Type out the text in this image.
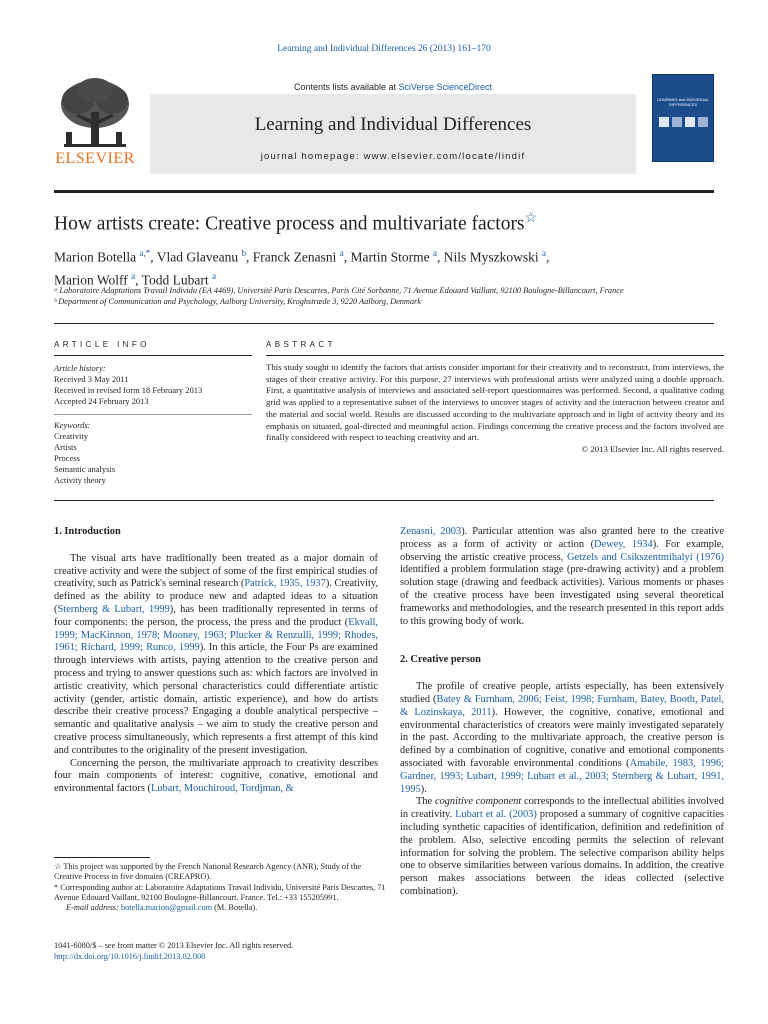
Learning and Individual Differences 26 (2013) 161–170
ELSEVIER
Contents lists available at SciVerse ScienceDirect
Learning and Individual Differences
journal homepage: www.elsevier.com/locate/lindif
LEARNING and INDIVIDUAL DIFFERENCES
How artists create: Creative process and multivariate factors☆
Marion Botella $^{a,*}$, Vlad Glaveanu $^b$, Franck Zenasni $^a$, Martin Storme $^a$, Nils Myszkowski $^a$,
Marion Wolff $^a$, Todd Lubart $^a$
ᵃ Laboratoire Adaptations Travail Individu (EA 4469), Université Paris Descartes, Paris Cité Sorbonne, 71 Avenue Edouard Vaillant, 92100 Boulogne-Billancourt, France
ᵇ Department of Communication and Psychology, Aalborg University, Kroghstræde 3, 9220 Aalborg, Denmark
ARTICLE INFO	ABSTRACT
Article history:
Received 3 May 2011
Received in revised form 18 February 2013
Accepted 24 February 2013
Keywords:
Creativity
Artists
Process
Semantic analysis
Activity theory
This study sought to identify the factors that artists consider important for their creativity and to reconstruct, from interviews, the stages of their creative activity. For this purpose, 27 interviews with professional artists were analyzed using a double approach. First, a quantitative analysis of interviews and associated self-report questionnaires was performed. Second, a qualitative coding grid was applied to a representative subset of the interviews to uncover stages of activity and the interaction between creator and the material and social world. Results are discussed according to the multivariate approach and in light of activity theory and its emphasis on situated, goal-directed and meaningful action. Findings concerning the creative process and the factors involved are finally considered with respect to teaching creativity and art.
© 2013 Elsevier Inc. All rights reserved.
1. Introduction

The visual arts have traditionally been treated as a major domain of creative activity and were the subject of some of the first empirical studies of creativity, such as Patrick's seminal research (Patrick, 1935, 1937). Creativity, defined as the ability to produce new and adapted ideas to a situation (Sternberg & Lubart, 1999), has been traditionally represented in terms of four components: the person, the process, the press and the product (Ekvall, 1999; MacKinnon, 1978; Mooney, 1963; Plucker & Renzulli, 1999; Rhodes, 1961; Richard, 1999; Runco, 1999). In this article, the Four Ps are examined through interviews with artists, paying attention to the creative person and process and trying to answer questions such as: which factors are involved in artistic creativity, which personal characteristics could differentiate artistic activity (gender, artistic domain, artistic experience), and how do artists describe their creative process? Engaging a double analytical perspective – semantic and qualitative analysis – we aim to study the creative person and creative process simultaneously, which represents a first attempt of this kind and contributes to the originality of the present investigation.

Concerning the person, the multivariate approach to creativity describes four main components of interest: cognitive, conative, emotional and environmental factors (Lubart, Mouchiroud, Tordjman, &

☆ This project was supported by the French National Research Agency (ANR), Study of the Creative Process in five domains (CREAPRO).
* Corresponding author at: Laboratoire Adaptations Travail Individu, Université Paris Descartes, 71 Avenue Edouard Vaillant, 92100 Boulogne-Billancourt. France. Tel.: +33 155205991.
E-mail address: botella.marion@gmail.com (M. Botella).
1041-6080/$ – see front matter © 2013 Elsevier Inc. All rights reserved.
http://dx.doi.org/10.1016/j.lindif.2013.02.008

Zenasni, 2003). Particular attention was also granted here to the creative process as a form of activity or action (Dewey, 1934). For example, observing the artistic creative process, Getzels and Csikszentmihalyi (1976) identified a problem formulation stage (pre-drawing activity) and a problem solution stage (drawing and feedback activities). Various moments or phases of the creative process have been investigated using several theoretical frameworks and methodologies, and the research presented in this report adds to this growing body of work.

2. Creative person

The profile of creative people, artists especially, has been extensively studied (Batey & Furnham, 2006; Feist, 1998; Furnham, Batey, Booth, Patel, & Lozinskaya, 2011). However, the cognitive, conative, emotional and environmental characteristics of creators were mainly investigated separately in the past. According to the multivariate approach, the creative person is defined by a combination of cognitive, conative and emotional components associated with favorable environmental conditions (Amabile, 1983, 1996; Gardner, 1993; Lubart, 1999; Lubart et al., 2003; Sternberg & Lubart, 1991, 1995).

The cognitive component corresponds to the intellectual abilities involved in creativity. Lubart et al. (2003) proposed a summary of cognitive capacities including synthetic capacities of identification, definition and redefinition of the problem. Also, selective encoding permits the selection of relevant information for solving the problem. The selective comparison ability helps one to observe similarities between various domains. In addition, the creative person makes associations between the ideas collected (selective combination).
